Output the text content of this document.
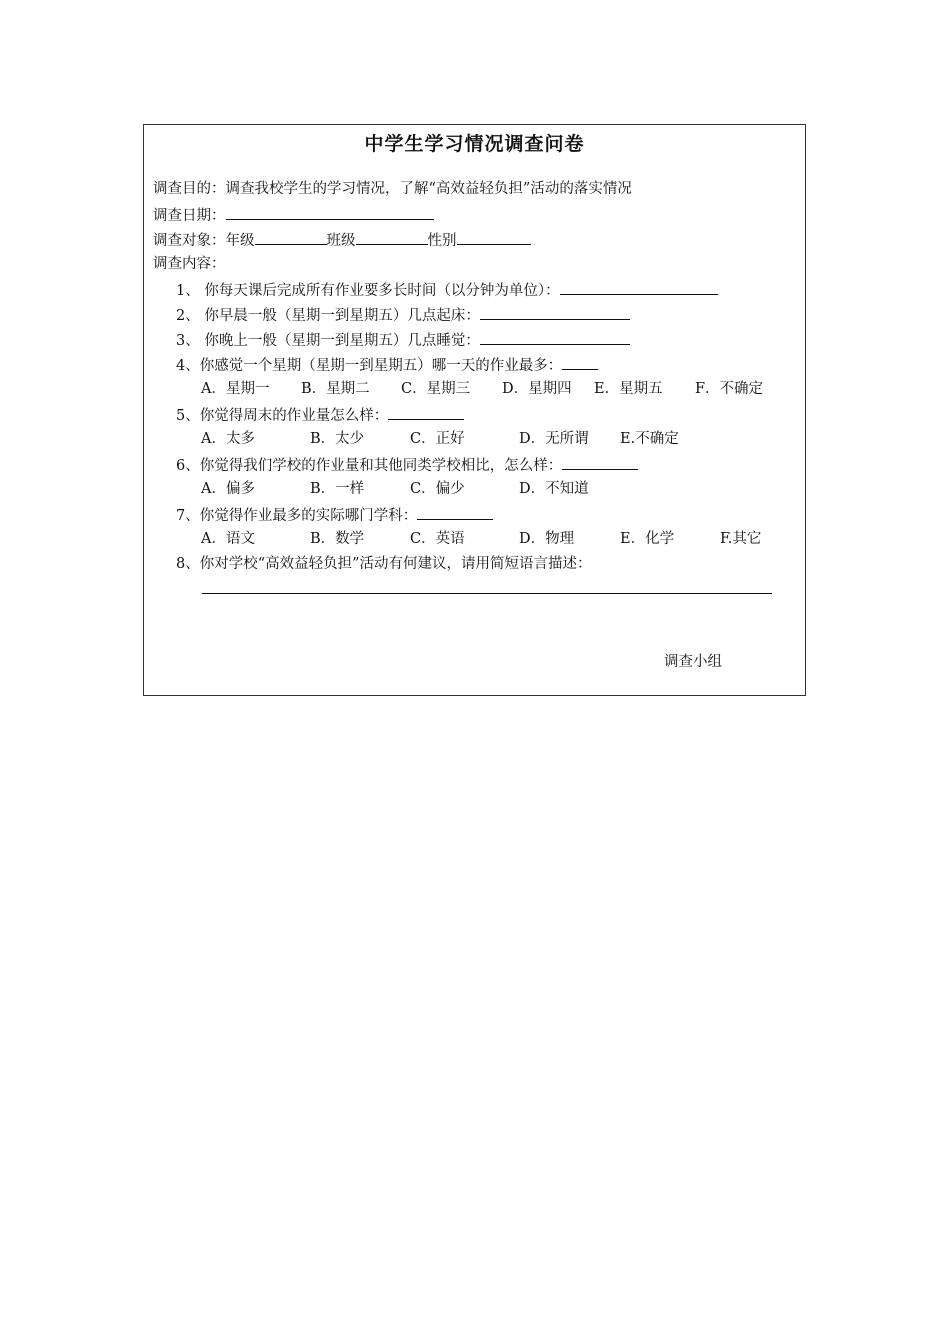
中学生学习情况调查问卷
调查目的：调查我校学生的学习情况，了解“高效益轻负担”活动的落实情况
调查日期：
调查对象：年级	班级	性别
调查内容：
1、 你每天课后完成所有作业要多长时间（以分钟为单位）：
2、 你早晨一般（星期一到星期五）几点起床：
3、 你晚上一般（星期一到星期五）几点睡觉：
4、你感觉一个星期（星期一到星期五）哪一天的作业最多：
A．星期一 B．星期二 C．星期三 D．星期四 E．星期五 F．不确定
5、你觉得周末的作业量怎么样：
A．太多	B．太少	C．正好	D．无所谓 E.不确定
6、你觉得我们学校的作业量和其他同类学校相比，怎么样：
A．偏多	B．一样	C．偏少	D．不知道
7、你觉得作业最多的实际哪门学科：
A．语文	B．数学	C．英语	D．物理	E．化学	F.其它
8、你对学校“高效益轻负担”活动有何建议，请用简短语言描述：
调查小组
